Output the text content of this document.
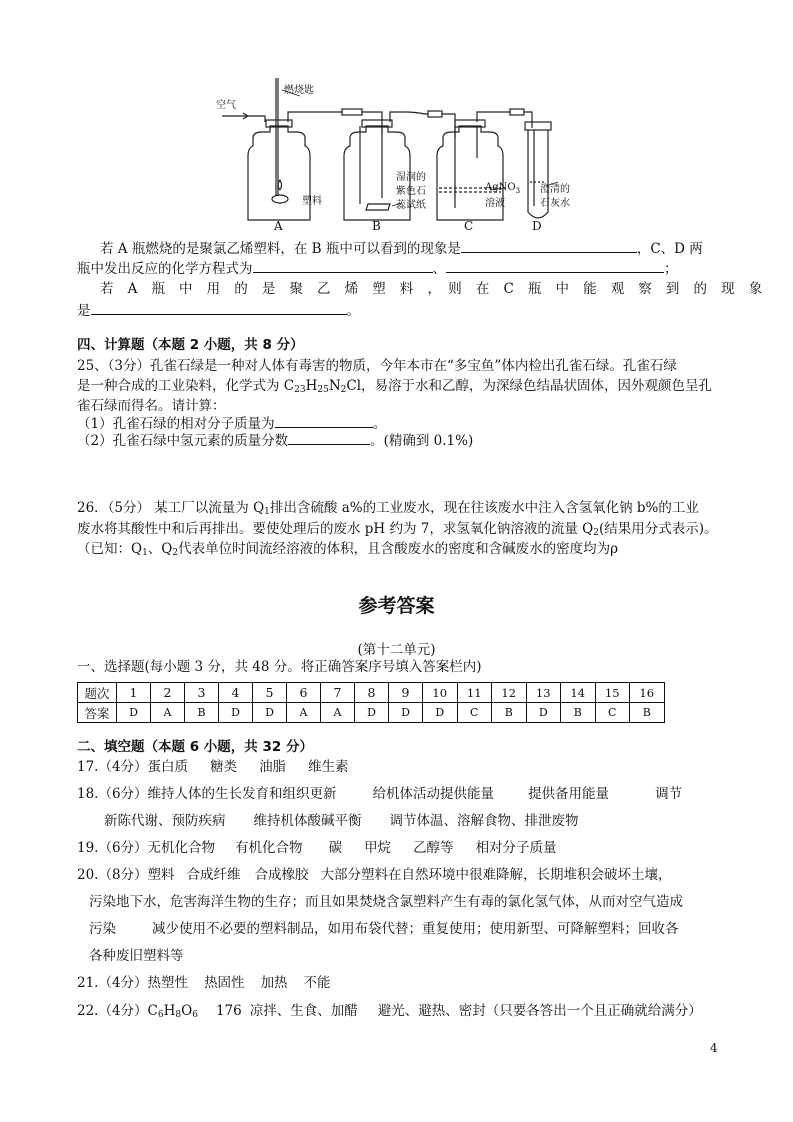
空气
燃烧匙
塑料
湿润的
紫色石
蕊试纸
AgNO$_3$
溶液
澄清的
石灰水
A	B	C	D
若 A 瓶燃烧的是聚氯乙烯塑料，在 B 瓶中可以看到的现象是	，C、D 两
瓶中发出反应的化学方程式为	、	；
若　A　瓶　中　用　的　是　聚　乙　烯　塑　料　，　则　在　C　瓶　中　能　观　察　到　的　现　象
是	。
四、计算题（本题 2 小题，共 8 分）
25、（3分）孔雀石绿是一种对人体有毒害的物质，今年本市在“多宝鱼”体内检出孔雀石绿。孔雀石绿
是一种合成的工业染料，化学式为 $C_{23}H_{25}N_2Cl$，易溶于水和乙醇，为深绿色结晶状固体，因外观颜色呈孔
雀石绿而得名。请计算：
（1）孔雀石绿的相对分子质量为	。
（2）孔雀石绿中氢元素的质量分数	。(精确到 0.1%)
26．（5分） 某工厂以流量为 $Q_1$排出含硫酸 a%的工业废水，现在往该废水中注入含氢氧化钠 b%的工业
废水将其酸性中和后再排出。要使处理后的废水 pH 约为 7，求氢氧化钠溶液的流量 $Q_2$(结果用分式表示)。
（已知：$Q_1$、$Q_2$代表单位时间流经溶液的体积，且含酸废水的密度和含碱废水的密度均为ρ
参考答案
(第十二单元)
一、选择题(每小题 3 分，共 48 分。将正确答案序号填入答案栏内)
题次	1	2	3	4	5	6	7	8	9	10	11	12	13	14	15	16
答案	D	A	B	D	D	A	A	D	D	D	C	B	D	B	C	B
二、填空题（本题 6 小题，共 32 分）
17.（4分）蛋白质 糖类 油脂 维生素
18.（6分）维持人体的生长发育和组织更新	给机体活动提供能量	提供备用能量	调节
新陈代谢、预防疾病 维持机体酸碱平衡 调节体温、溶解食物、排泄废物
19.（6分）无机化合物 有机化合物 碳 甲烷 乙醇等 相对分子质量
20.（8分）塑料 合成纤维 合成橡胶 大部分塑料在自然环境中很难降解，长期堆积会破坏土壤，
污染地下水，危害海洋生物的生存；而且如果焚烧含氯塑料产生有毒的氯化氢气体，从而对空气造成
污染	减少使用不必要的塑料制品，如用布袋代替；重复使用；使用新型、可降解塑料；回收各
各种废旧塑料等
21.（4分）热塑性 热固性 加热 不能
22.（4分）$C_6H_8O_6$ 176 凉拌、生食、加醋 避光、避热、密封（只要各答出一个且正确就给满分）
4
